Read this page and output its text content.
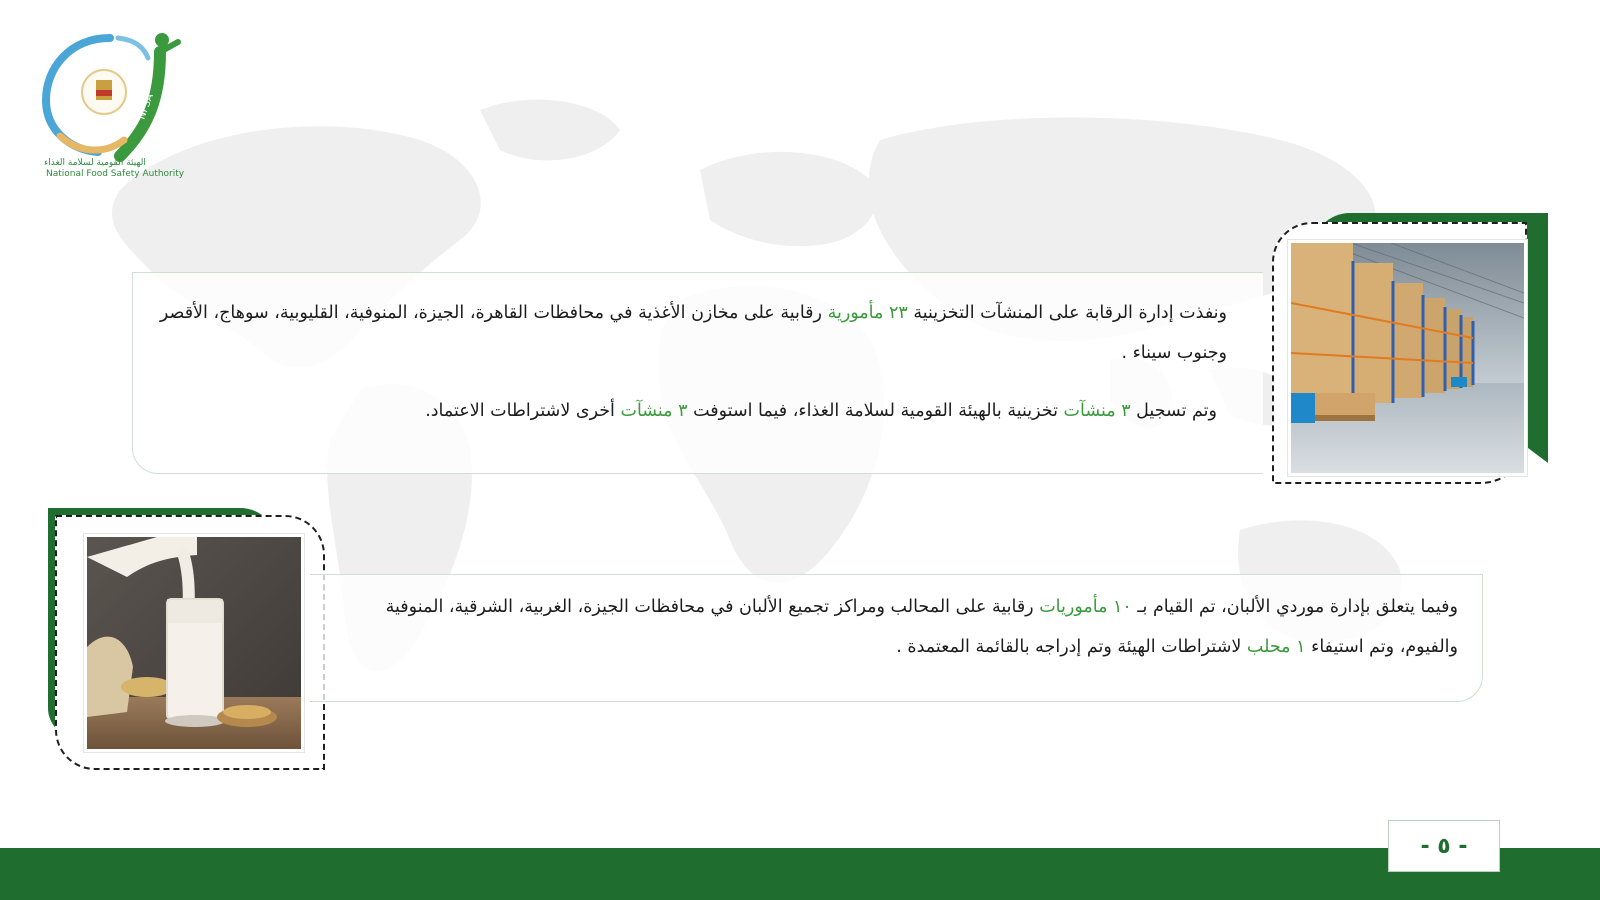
NFSA
الهيئة القومية لسلامة الغذاء
National Food Safety Authority

ونفذت إدارة الرقابة على المنشآت التخزينية ٢٣ مأمورية رقابية على مخازن الأغذية في محافظات القاهرة، الجيزة، المنوفية، القليوبية، سوهاج، الأقصر وجنوب سيناء .

وتم تسجيل ٣ منشآت تخزينية بالهيئة القومية لسلامة الغذاء، فيما استوفت ٣ منشآت أخرى لاشتراطات الاعتماد.

وفيما يتعلق بإدارة موردي الألبان، تم القيام بـ ١٠ مأموريات رقابية على المحالب ومراكز تجميع الألبان في محافظات الجيزة، الغربية، الشرقية، المنوفية والفيوم، وتم استيفاء ١ محلب لاشتراطات الهيئة وتم إدراجه بالقائمة المعتمدة .

- ٥ -
